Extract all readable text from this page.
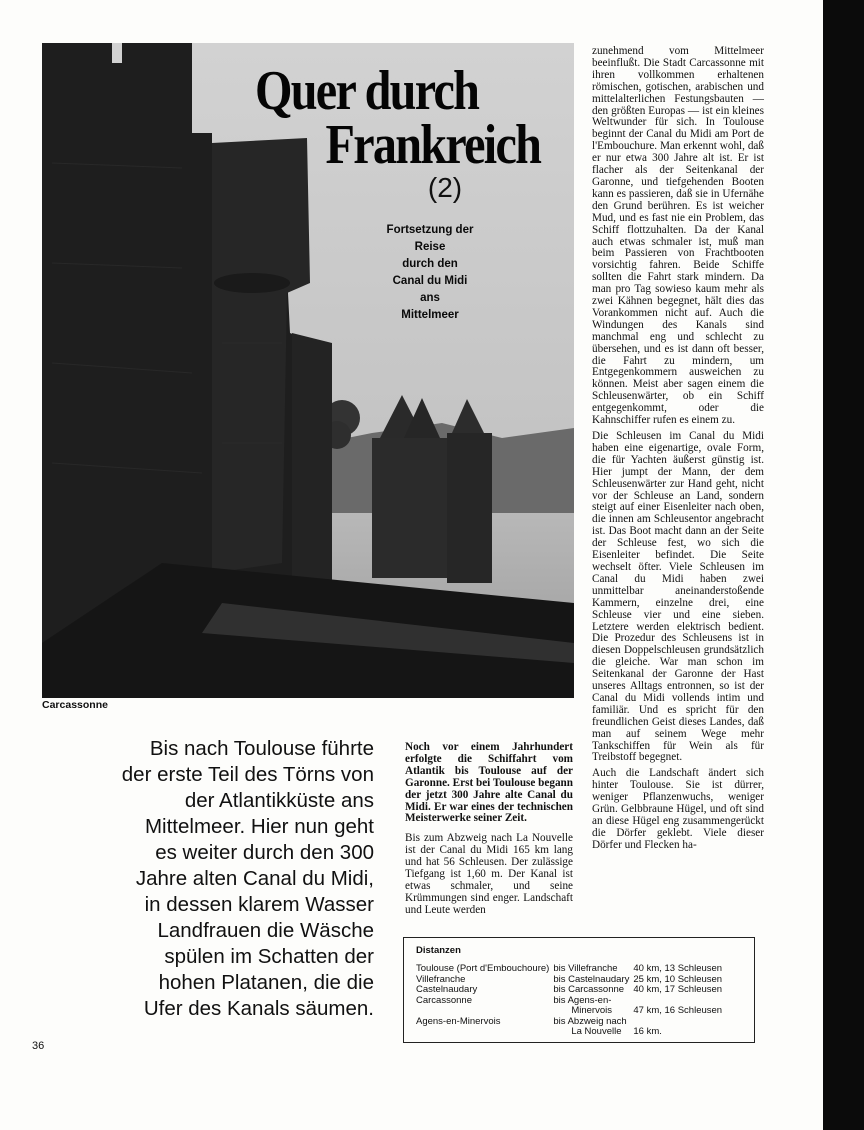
Quer durch
Frankreich
(2)
Fortsetzung der Reise
durch den
Canal du Midi
ans
Mittelmeer
Carcassonne
Bis nach Toulouse führte der erste Teil des Törns von der Atlantikküste ans Mittelmeer. Hier nun geht es weiter durch den 300 Jahre alten Canal du Midi, in dessen klarem Wasser Landfrauen die Wäsche spülen im Schatten der hohen Platanen, die die Ufer des Kanals säumen.

Noch vor einem Jahrhundert erfolgte die Schiffahrt vom Atlantik bis Toulouse auf der Garonne. Erst bei Toulouse begann der jetzt 300 Jahre alte Canal du Midi. Er war eines der technischen Meisterwerke seiner Zeit.

Bis zum Abzweig nach La Nouvelle ist der Canal du Midi 165 km lang und hat 56 Schleusen. Der zulässige Tiefgang ist 1,60 m. Der Kanal ist etwas schmaler, und seine Krümmungen sind enger. Landschaft und Leute werden

zunehmend vom Mittelmeer beeinflußt. Die Stadt Carcassonne mit ihren vollkommen erhaltenen römischen, gotischen, arabischen und mittelalterlichen Festungsbauten — den größten Europas — ist ein kleines Weltwunder für sich. In Toulouse beginnt der Canal du Midi am Port de l'Embouchure. Man erkennt wohl, daß er nur etwa 300 Jahre alt ist. Er ist flacher als der Seitenkanal der Garonne, und tiefgehenden Booten kann es passieren, daß sie in Ufernähe den Grund berühren. Es ist weicher Mud, und es fast nie ein Problem, das Schiff flottzuhalten. Da der Kanal auch etwas schmaler ist, muß man beim Passieren von Frachtbooten vorsichtig fahren. Beide Schiffe sollten die Fahrt stark mindern. Da man pro Tag sowieso kaum mehr als zwei Kähnen begegnet, hält dies das Vorankommen nicht auf. Auch die Windungen des Kanals sind manchmal eng und schlecht zu übersehen, und es ist dann oft besser, die Fahrt zu mindern, um Entgegenkommern ausweichen zu können. Meist aber sagen einem die Schleusenwärter, ob ein Schiff entgegenkommt, oder die Kahnschiffer rufen es einem zu.

Die Schleusen im Canal du Midi haben eine eigenartige, ovale Form, die für Yachten äußerst günstig ist. Hier jumpt der Mann, der dem Schleusenwärter zur Hand geht, nicht vor der Schleuse an Land, sondern steigt auf einer Eisenleiter nach oben, die innen am Schleusentor angebracht ist. Das Boot macht dann an der Seite der Schleuse fest, wo sich die Eisenleiter befindet. Die Seite wechselt öfter. Viele Schleusen im Canal du Midi haben zwei unmittelbar aneinanderstoßende Kammern, einzelne drei, eine Schleuse vier und eine sieben. Letztere werden elektrisch bedient. Die Prozedur des Schleusens ist in diesen Doppelschleusen grundsätzlich die gleiche. War man schon im Seitenkanal der Garonne der Hast unseres Alltags entronnen, so ist der Canal du Midi vollends intim und familiär. Und es spricht für den freundlichen Geist dieses Landes, daß man auf seinem Wege mehr Tankschiffen für Wein als für Treibstoff begegnet.

Auch die Landschaft ändert sich hinter Toulouse. Sie ist dürrer, weniger Pflanzenwuchs, weniger Grün. Gelbbraune Hügel, und oft sind an diese Hügel eng zusammengerückt die Dörfer geklebt. Viele dieser Dörfer und Flecken ha-

Distanzen
Toulouse (Port d'Embouchoure)	bis Villefranche	40 km, 13 Schleusen
Villefranche	bis Castelnaudary	25 km, 10 Schleusen
Castelnaudary	bis Carcassonne	40 km, 17 Schleusen
Carcassonne	bis Agens-en-	
	Minervois	47 km, 16 Schleusen
Agens-en-Minervois	bis Abzweig nach	
	La Nouvelle	16 km.
36
